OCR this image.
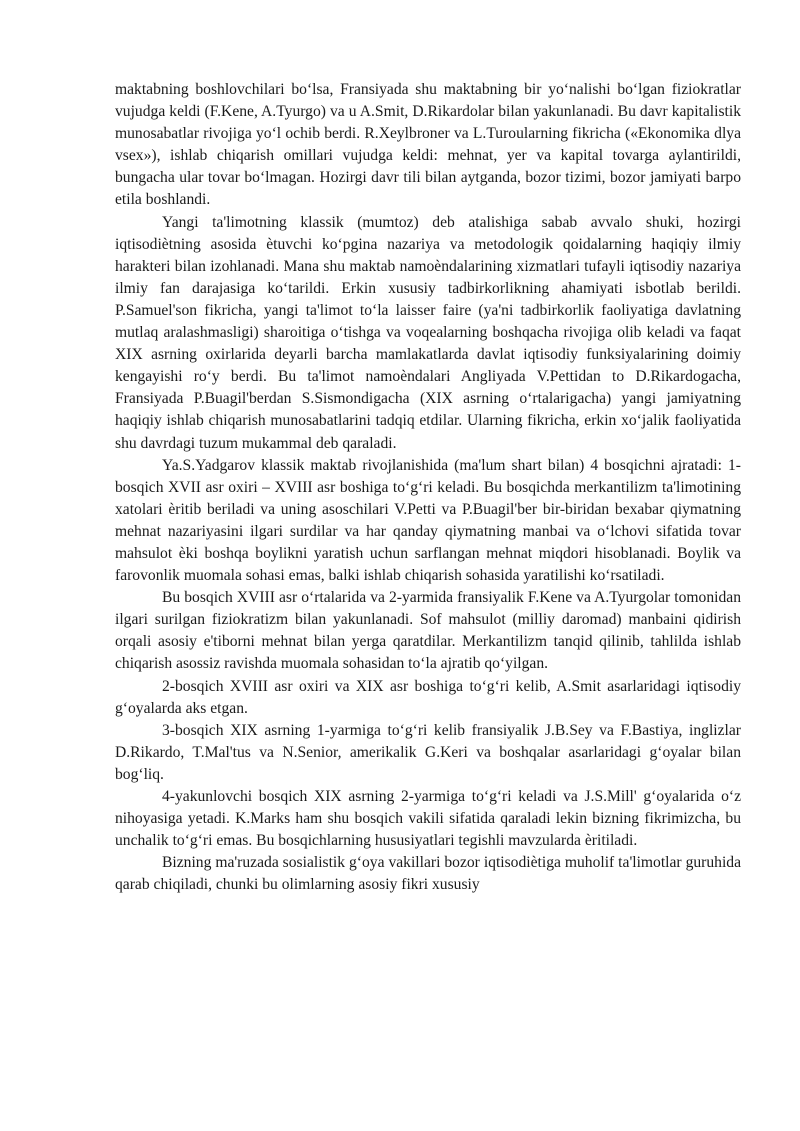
maktabning boshlovchilari bo‘lsa, Fransiyada shu maktabning bir yo‘nalishi bo‘lgan fiziokratlar vujudga keldi (F.Kene, A.Tyurgo) va u A.Smit, D.Rikardolar bilan yakunlanadi. Bu davr kapitalistik munosabatlar rivojiga yo‘l ochib berdi. R.Xeylbroner va L.Turoularning fikricha («Ekonomika dlya vsex»), ishlab chiqarish omillari vujudga keldi: mehnat, yer va kapital tovarga aylantirildi, bungacha ular tovar bo‘lmagan. Hozirgi davr tili bilan aytganda, bozor tizimi, bozor jamiyati barpo etila boshlandi.

Yangi ta'limotning klassik (mumtoz) deb atalishiga sabab avvalo shuki, hozirgi iqtisodiètning asosida ètuvchi ko‘pgina nazariya va metodologik qoidalarning haqiqiy ilmiy harakteri bilan izohlanadi. Mana shu maktab namoèndalarining xizmatlari tufayli iqtisodiy nazariya ilmiy fan darajasiga ko‘tarildi. Erkin xususiy tadbirkorlikning ahamiyati isbotlab berildi. P.Samuel'son fikricha, yangi ta'limot to‘la laisser faire (ya'ni tadbirkorlik faoliyatiga davlatning mutlaq aralashmasligi) sharoitiga o‘tishga va voqealarning boshqacha rivojiga olib keladi va faqat XIX asrning oxirlarida deyarli barcha mamlakatlarda davlat iqtisodiy funksiyalarining doimiy kengayishi ro‘y berdi. Bu ta'limot namoèndalari Angliyada V.Pettidan to D.Rikardogacha, Fransiyada P.Buagil'berdan S.Sismondigacha (XIX asrning o‘rtalarigacha) yangi jamiyatning haqiqiy ishlab chiqarish munosabatlarini tadqiq etdilar. Ularning fikricha, erkin xo‘jalik faoliyatida shu davrdagi tuzum mukammal deb qaraladi.

Ya.S.Yadgarov klassik maktab rivojlanishida (ma'lum shart bilan) 4 bosqichni ajratadi: 1-bosqich XVII asr oxiri – XVIII asr boshiga to‘g‘ri keladi. Bu bosqichda merkantilizm ta'limotining xatolari èritib beriladi va uning asoschilari V.Petti va P.Buagil'ber bir-biridan bexabar qiymatning mehnat nazariyasini ilgari surdilar va har qanday qiymatning manbai va o‘lchovi sifatida tovar mahsulot èki boshqa boylikni yaratish uchun sarflangan mehnat miqdori hisoblanadi. Boylik va farovonlik muomala sohasi emas, balki ishlab chiqarish sohasida yaratilishi ko‘rsatiladi.

Bu bosqich XVIII asr o‘rtalarida va 2-yarmida fransiyalik F.Kene va A.Tyurgolar tomonidan ilgari surilgan fiziokratizm bilan yakunlanadi. Sof mahsulot (milliy daromad) manbaini qidirish orqali asosiy e'tiborni mehnat bilan yerga qaratdilar. Merkantilizm tanqid qilinib, tahlilda ishlab chiqarish asossiz ravishda muomala sohasidan to‘la ajratib qo‘yilgan.

2-bosqich XVIII asr oxiri va XIX asr boshiga to‘g‘ri kelib, A.Smit asarlaridagi iqtisodiy g‘oyalarda aks etgan.

3-bosqich XIX asrning 1-yarmiga to‘g‘ri kelib fransiyalik J.B.Sey va F.Bastiya, inglizlar D.Rikardo, T.Mal'tus va N.Senior, amerikalik G.Keri va boshqalar asarlaridagi g‘oyalar bilan bog‘liq.

4-yakunlovchi bosqich XIX asrning 2-yarmiga to‘g‘ri keladi va J.S.Mill' g‘oyalarida o‘z nihoyasiga yetadi. K.Marks ham shu bosqich vakili sifatida qaraladi lekin bizning fikrimizcha, bu unchalik to‘g‘ri emas. Bu bosqichlarning hususiyatlari tegishli mavzularda èritiladi.

Bizning ma'ruzada sosialistik g‘oya vakillari bozor iqtisodiètiga muholif ta'limotlar guruhida qarab chiqiladi, chunki bu olimlarning asosiy fikri xususiy
